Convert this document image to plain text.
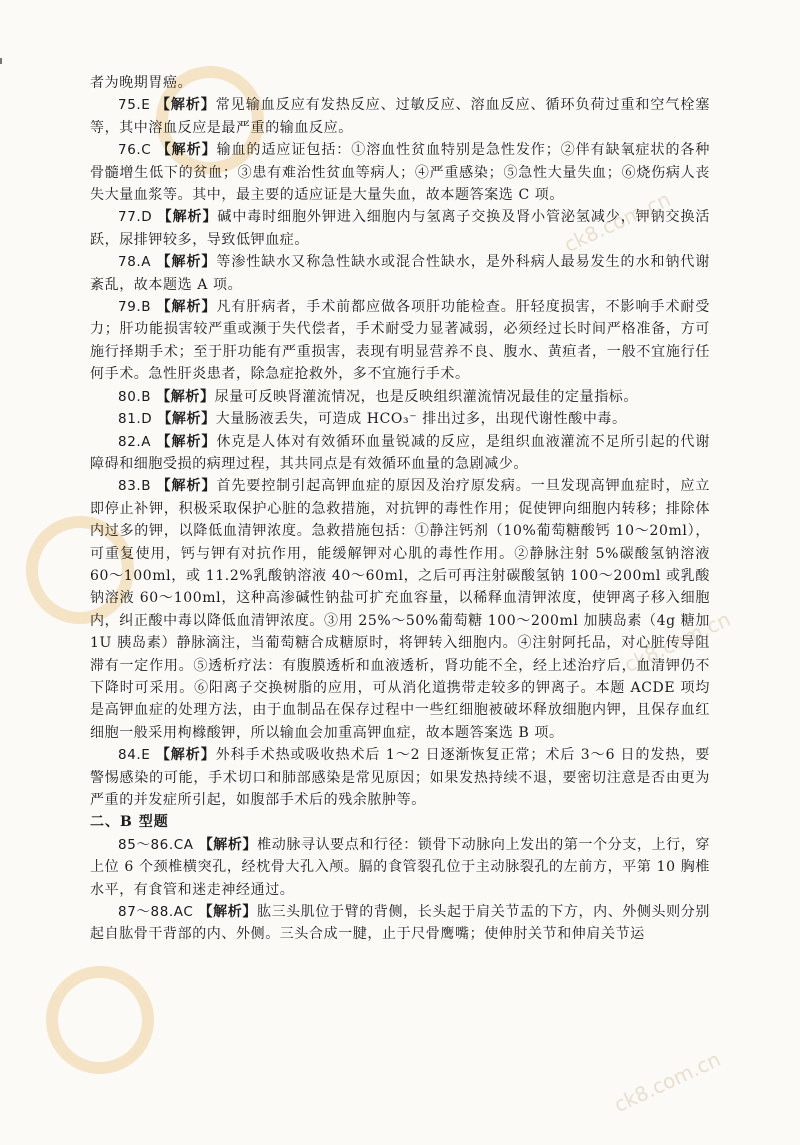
ck8.com.cn
ck8.com.cn
ck8.com.cn

者为晚期胃癌。

75.E 【解析】常见输血反应有发热反应、过敏反应、溶血反应、循环负荷过重和空气栓塞等，其中溶血反应是最严重的输血反应。

76.C 【解析】输血的适应证包括：①溶血性贫血特别是急性发作；②伴有缺氧症状的各种骨髓增生低下的贫血；③患有难治性贫血等病人；④严重感染；⑤急性大量失血；⑥烧伤病人丧失大量血浆等。其中，最主要的适应证是大量失血，故本题答案选 C 项。

77.D 【解析】碱中毒时细胞外钾进入细胞内与氢离子交换及肾小管泌氢减少，钾钠交换活跃，尿排钾较多，导致低钾血症。

78.A 【解析】等渗性缺水又称急性缺水或混合性缺水，是外科病人最易发生的水和钠代谢紊乱，故本题选 A 项。

79.B 【解析】凡有肝病者，手术前都应做各项肝功能检查。肝轻度损害，不影响手术耐受力；肝功能损害较严重或濒于失代偿者，手术耐受力显著减弱，必须经过长时间严格准备，方可施行择期手术；至于肝功能有严重损害，表现有明显营养不良、腹水、黄疸者，一般不宜施行任何手术。急性肝炎患者，除急症抢救外，多不宜施行手术。

80.B 【解析】尿量可反映肾灌流情况，也是反映组织灌流情况最佳的定量指标。

81.D 【解析】大量肠液丢失，可造成 HCO₃⁻ 排出过多，出现代谢性酸中毒。

82.A 【解析】休克是人体对有效循环血量锐减的反应，是组织血液灌流不足所引起的代谢障碍和细胞受损的病理过程，其共同点是有效循环血量的急剧减少。

83.B 【解析】首先要控制引起高钾血症的原因及治疗原发病。一旦发现高钾血症时，应立即停止补钾，积极采取保护心脏的急救措施，对抗钾的毒性作用；促使钾向细胞内转移；排除体内过多的钾，以降低血清钾浓度。急救措施包括：①静注钙剂（10%葡萄糖酸钙 10～20ml），可重复使用，钙与钾有对抗作用，能缓解钾对心肌的毒性作用。②静脉注射 5%碳酸氢钠溶液 60～100ml，或 11.2%乳酸钠溶液 40～60ml，之后可再注射碳酸氢钠 100～200ml 或乳酸钠溶液 60～100ml，这种高渗碱性钠盐可扩充血容量，以稀释血清钾浓度，使钾离子移入细胞内，纠正酸中毒以降低血清钾浓度。③用 25%～50%葡萄糖 100～200ml 加胰岛素（4g 糖加 1U 胰岛素）静脉滴注，当葡萄糖合成糖原时，将钾转入细胞内。④注射阿托品，对心脏传导阻滞有一定作用。⑤透析疗法：有腹膜透析和血液透析，肾功能不全，经上述治疗后，血清钾仍不下降时可采用。⑥阳离子交换树脂的应用，可从消化道携带走较多的钾离子。本题 ACDE 项均是高钾血症的处理方法，由于血制品在保存过程中一些红细胞被破坏释放细胞内钾，且保存血红细胞一般采用枸橼酸钾，所以输血会加重高钾血症，故本题答案选 B 项。

84.E 【解析】外科手术热或吸收热术后 1～2 日逐渐恢复正常；术后 3～6 日的发热，要警惕感染的可能，手术切口和肺部感染是常见原因；如果发热持续不退，要密切注意是否由更为严重的并发症所引起，如腹部手术后的残余脓肿等。

二、B 型题

85～86.CA 【解析】椎动脉寻认要点和行径：锁骨下动脉向上发出的第一个分支，上行，穿上位 6 个颈椎横突孔，经枕骨大孔入颅。膈的食管裂孔位于主动脉裂孔的左前方，平第 10 胸椎水平，有食管和迷走神经通过。

87～88.AC 【解析】肱三头肌位于臂的背侧，长头起于肩关节盂的下方，内、外侧头则分别起自肱骨干背部的内、外侧。三头合成一腱，止于尺骨鹰嘴；使伸肘关节和伸肩关节运
